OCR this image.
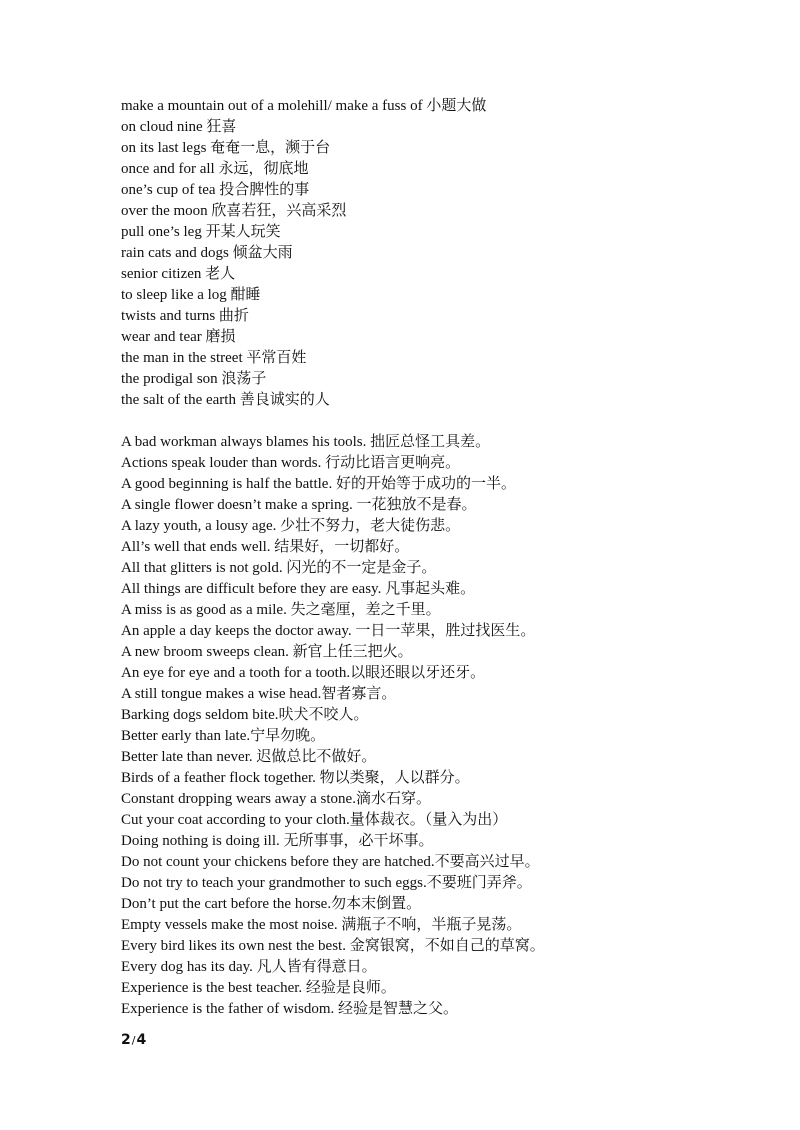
make a mountain out of a molehill/ make a fuss of 小题大做
on cloud nine 狂喜
on its last legs 奄奄一息，濒于台
once and for all 永远，彻底地
one’s cup of tea 投合脾性的事
over the moon 欣喜若狂，兴高采烈
pull one’s leg 开某人玩笑
rain cats and dogs 倾盆大雨
senior citizen 老人
to sleep like a log 酣睡
twists and turns 曲折
wear and tear 磨损
the man in the street 平常百姓
the prodigal son 浪荡子
the salt of the earth 善良诚实的人
A bad workman always blames his tools. 拙匠总怪工具差。
Actions speak louder than words. 行动比语言更响亮。
A good beginning is half the battle. 好的开始等于成功的一半。
A single flower doesn’t make a spring. 一花独放不是春。
A lazy youth, a lousy age. 少壮不努力，老大徒伤悲。
All’s well that ends well. 结果好，一切都好。
All that glitters is not gold. 闪光的不一定是金子。
All things are difficult before they are easy. 凡事起头难。
A miss is as good as a mile. 失之毫厘，差之千里。
An apple a day keeps the doctor away. 一日一苹果，胜过找医生。
A new broom sweeps clean. 新官上任三把火。
An eye for eye and a tooth for a tooth.以眼还眼以牙还牙。
A still tongue makes a wise head.智者寡言。
Barking dogs seldom bite.吠犬不咬人。
Better early than late.宁早勿晚。
Better late than never. 迟做总比不做好。
Birds of a feather flock together. 物以类聚，人以群分。
Constant dropping wears away a stone.滴水石穿。
Cut your coat according to your cloth.量体裁衣。（量入为出）
Doing nothing is doing ill. 无所事事，必干坏事。
Do not count your chickens before they are hatched.不要高兴过早。
Do not try to teach your grandmother to such eggs.不要班门弄斧。
Don’t put the cart before the horse.勿本末倒置。
Empty vessels make the most noise. 满瓶子不响，半瓶子晃荡。
Every bird likes its own nest the best. 金窝银窝，不如自己的草窝。
Every dog has its day. 凡人皆有得意日。
Experience is the best teacher. 经验是良师。
Experience is the father of wisdom. 经验是智慧之父。
2/4
